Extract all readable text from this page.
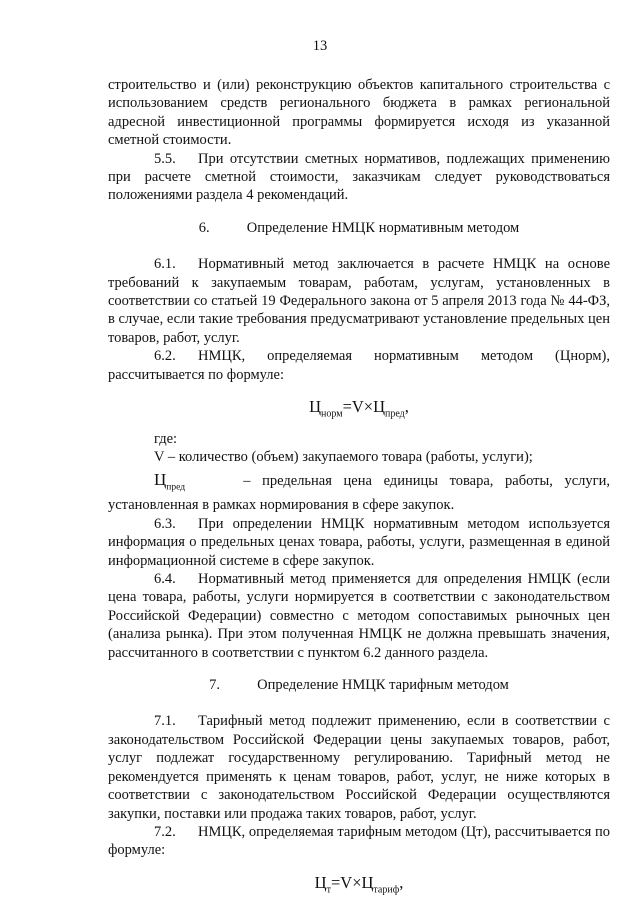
13

строительство и (или) реконструкцию объектов капитального строительства с использованием средств регионального бюджета в рамках региональной адресной инвестиционной программы формируется исходя из указанной сметной стоимости.

5.5. При отсутствии сметных нормативов, подлежащих применению при расчете сметной стоимости, заказчикам следует руководствоваться положениями раздела 4 рекомендаций.

6.	Определение НМЦК нормативным методом

6.1. Нормативный метод заключается в расчете НМЦК на основе требований к закупаемым товарам, работам, услугам, установленных в соответствии со статьей 19 Федерального закона от 5 апреля 2013 года № 44-ФЗ, в случае, если такие требования предусматривают установление предельных цен товаров, работ, услуг.

6.2. НМЦК, определяемая нормативным методом (Цнорм), рассчитывается по формуле:

$Ц_{норм}=V\times Ц_{пред}$,

где:

V – количество (объем) закупаемого товара (работы, услуги);

$Ц_{пред}$	– предельная цена единицы товара, работы, услуги, установленная в рамках нормирования в сфере закупок.

6.3. При определении НМЦК нормативным методом используется информация о предельных ценах товара, работы, услуги, размещенная в единой информационной системе в сфере закупок.

6.4. Нормативный метод применяется для определения НМЦК (если цена товара, работы, услуги нормируется в соответствии с законодательством Российской Федерации) совместно с методом сопоставимых рыночных цен (анализа рынка). При этом полученная НМЦК не должна превышать значения, рассчитанного в соответствии с пунктом 6.2 данного раздела.

7.	Определение НМЦК тарифным методом

7.1. Тарифный метод подлежит применению, если в соответствии с законодательством Российской Федерации цены закупаемых товаров, работ, услуг подлежат государственному регулированию. Тарифный метод не рекомендуется применять к ценам товаров, работ, услуг, не ниже которых в соответствии с законодательством Российской Федерации осуществляются закупки, поставки или продажа таких товаров, работ, услуг.

7.2. НМЦК, определяемая тарифным методом (Цт), рассчитывается по формуле:

$Ц_т=V\times Ц_{тариф}$,
